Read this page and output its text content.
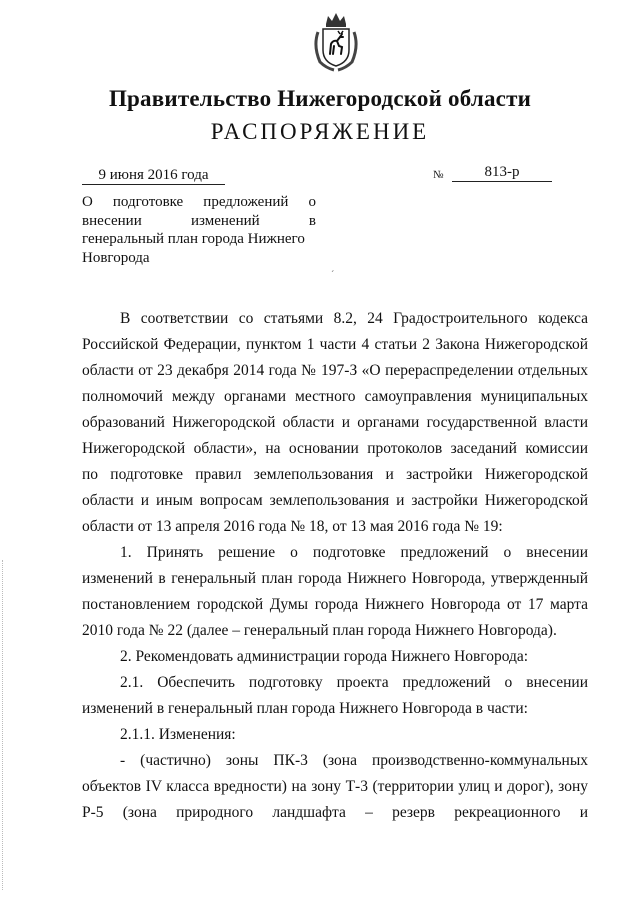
Правительство Нижегородской области
РАСПОРЯЖЕНИЕ
9 июня 2016 года	№	813-р
О подготовке предложений о
внесении изменений в
генеральный план города Нижнего
Новгорода
´
В соответствии со статьями 8.2, 24 Градостроительного кодекса
Российской Федерации, пунктом 1 части 4 статьи 2 Закона Нижегородской
области от 23 декабря 2014 года № 197-З «О перераспределении отдельных
полномочий между органами местного самоуправления муниципальных
образований Нижегородской области и органами государственной власти
Нижегородской области», на основании протоколов заседаний комиссии
по подготовке правил землепользования и застройки Нижегородской
области и иным вопросам землепользования и застройки Нижегородской
области от 13 апреля 2016 года № 18, от 13 мая 2016 года № 19:
1. Принять решение о подготовке предложений о внесении
изменений в генеральный план города Нижнего Новгорода, утвержденный
постановлением городской Думы города Нижнего Новгорода от 17 марта
2010 года № 22 (далее – генеральный план города Нижнего Новгорода).
2. Рекомендовать администрации города Нижнего Новгорода:
2.1. Обеспечить подготовку проекта предложений о внесении
изменений в генеральный план города Нижнего Новгорода в части:
2.1.1. Изменения:
- (частично) зоны ПК-3 (зона производственно-коммунальных
объектов IV класса вредности) на зону Т-3 (территории улиц и дорог), зону
Р-5 (зона природного ландшафта – резерв рекреационного и
